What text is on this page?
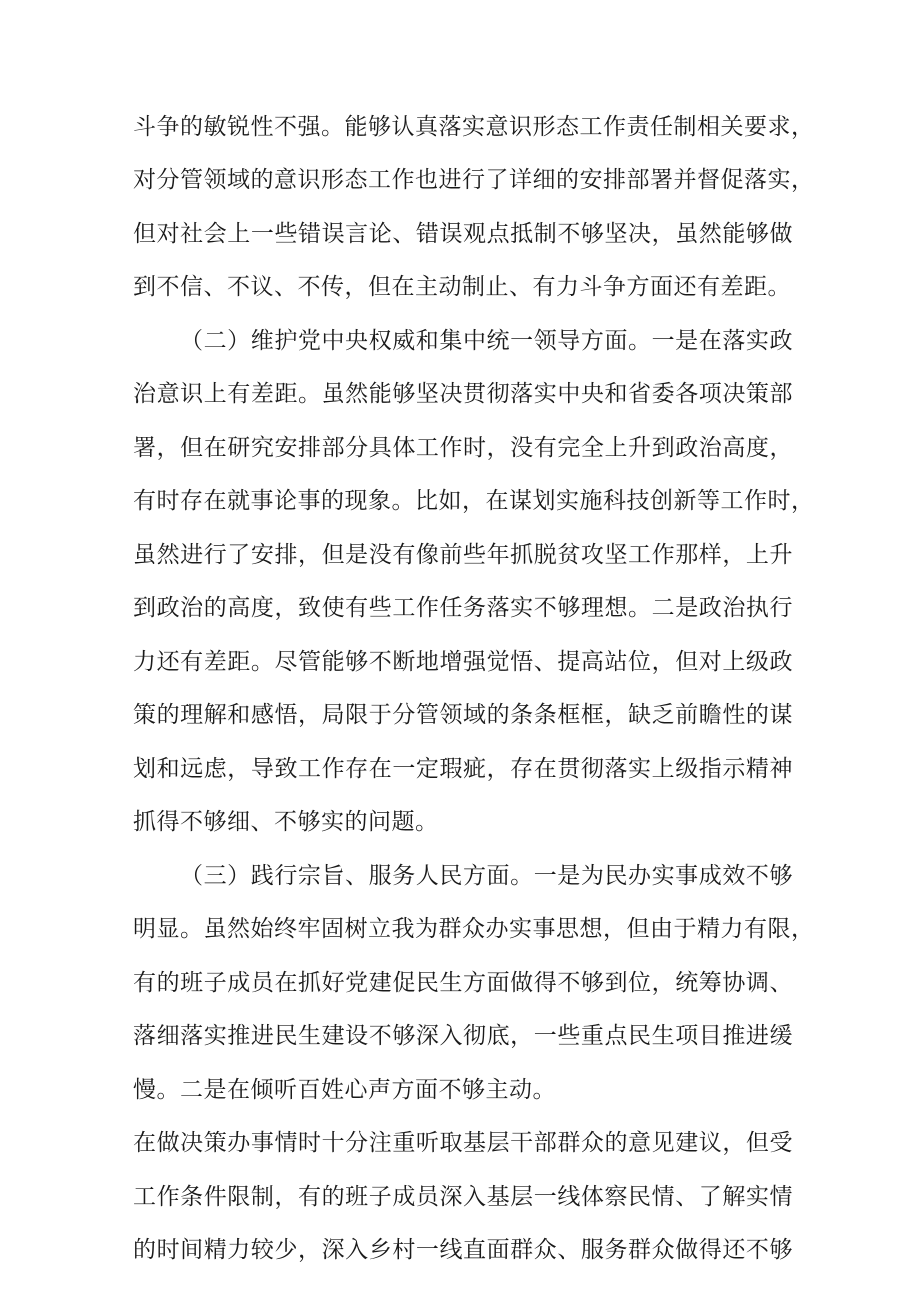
斗争的敏锐性不强。能够认真落实意识形态工作责任制相关要求，

对分管领域的意识形态工作也进行了详细的安排部署并督促落实，

但对社会上一些错误言论、错误观点抵制不够坚决，虽然能够做

到不信、不议、不传，但在主动制止、有力斗争方面还有差距。

（二）维护党中央权威和集中统一领导方面。一是在落实政

治意识上有差距。虽然能够坚决贯彻落实中央和省委各项决策部

署，但在研究安排部分具体工作时，没有完全上升到政治高度，

有时存在就事论事的现象。比如，在谋划实施科技创新等工作时，

虽然进行了安排，但是没有像前些年抓脱贫攻坚工作那样，上升

到政治的高度，致使有些工作任务落实不够理想。二是政治执行

力还有差距。尽管能够不断地增强觉悟、提高站位，但对上级政

策的理解和感悟，局限于分管领域的条条框框，缺乏前瞻性的谋

划和远虑，导致工作存在一定瑕疵，存在贯彻落实上级指示精神

抓得不够细、不够实的问题。

（三）践行宗旨、服务人民方面。一是为民办实事成效不够

明显。虽然始终牢固树立我为群众办实事思想，但由于精力有限，

有的班子成员在抓好党建促民生方面做得不够到位，统筹协调、

落细落实推进民生建设不够深入彻底，一些重点民生项目推进缓

慢。二是在倾听百姓心声方面不够主动。

在做决策办事情时十分注重听取基层干部群众的意见建议，但受

工作条件限制，有的班子成员深入基层一线体察民情、了解实情

的时间精力较少，深入乡村一线直面群众、服务群众做得还不够
